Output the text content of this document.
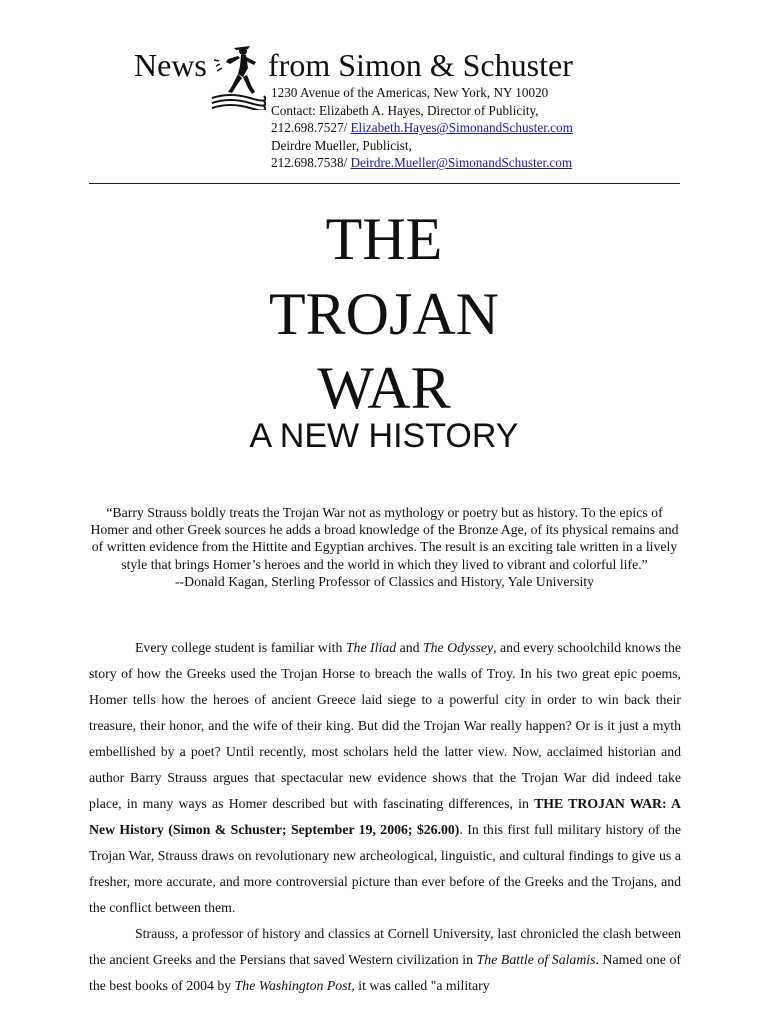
News from Simon & Schuster
1230 Avenue of the Americas, New York, NY 10020
Contact: Elizabeth A. Hayes, Director of Publicity,
212.698.7527/ Elizabeth.Hayes@SimonandSchuster.com
Deirdre Mueller, Publicist,
212.698.7538/ Deirdre.Mueller@SimonandSchuster.com
THE
TROJAN
WAR
A NEW HISTORY
“Barry Strauss boldly treats the Trojan War not as mythology or poetry but as history. To the epics of Homer and other Greek sources he adds a broad knowledge of the Bronze Age, of its physical remains and of written evidence from the Hittite and Egyptian archives. The result is an exciting tale written in a lively style that brings Homer’s heroes and the world in which they lived to vibrant and colorful life.”
--Donald Kagan, Sterling Professor of Classics and History, Yale University

Every college student is familiar with The Iliad and The Odyssey, and every schoolchild knows the story of how the Greeks used the Trojan Horse to breach the walls of Troy. In his two great epic poems, Homer tells how the heroes of ancient Greece laid siege to a powerful city in order to win back their treasure, their honor, and the wife of their king. But did the Trojan War really happen? Or is it just a myth embellished by a poet? Until recently, most scholars held the latter view. Now, acclaimed historian and author Barry Strauss argues that spectacular new evidence shows that the Trojan War did indeed take place, in many ways as Homer described but with fascinating differences, in THE TROJAN WAR: A New History (Simon & Schuster; September 19, 2006; $26.00). In this first full military history of the Trojan War, Strauss draws on revolutionary new archeological, linguistic, and cultural findings to give us a fresher, more accurate, and more controversial picture than ever before of the Greeks and the Trojans, and the conflict between them.

Strauss, a professor of history and classics at Cornell University, last chronicled the clash between the ancient Greeks and the Persians that saved Western civilization in The Battle of Salamis. Named one of the best books of 2004 by The Washington Post, it was called "a military
